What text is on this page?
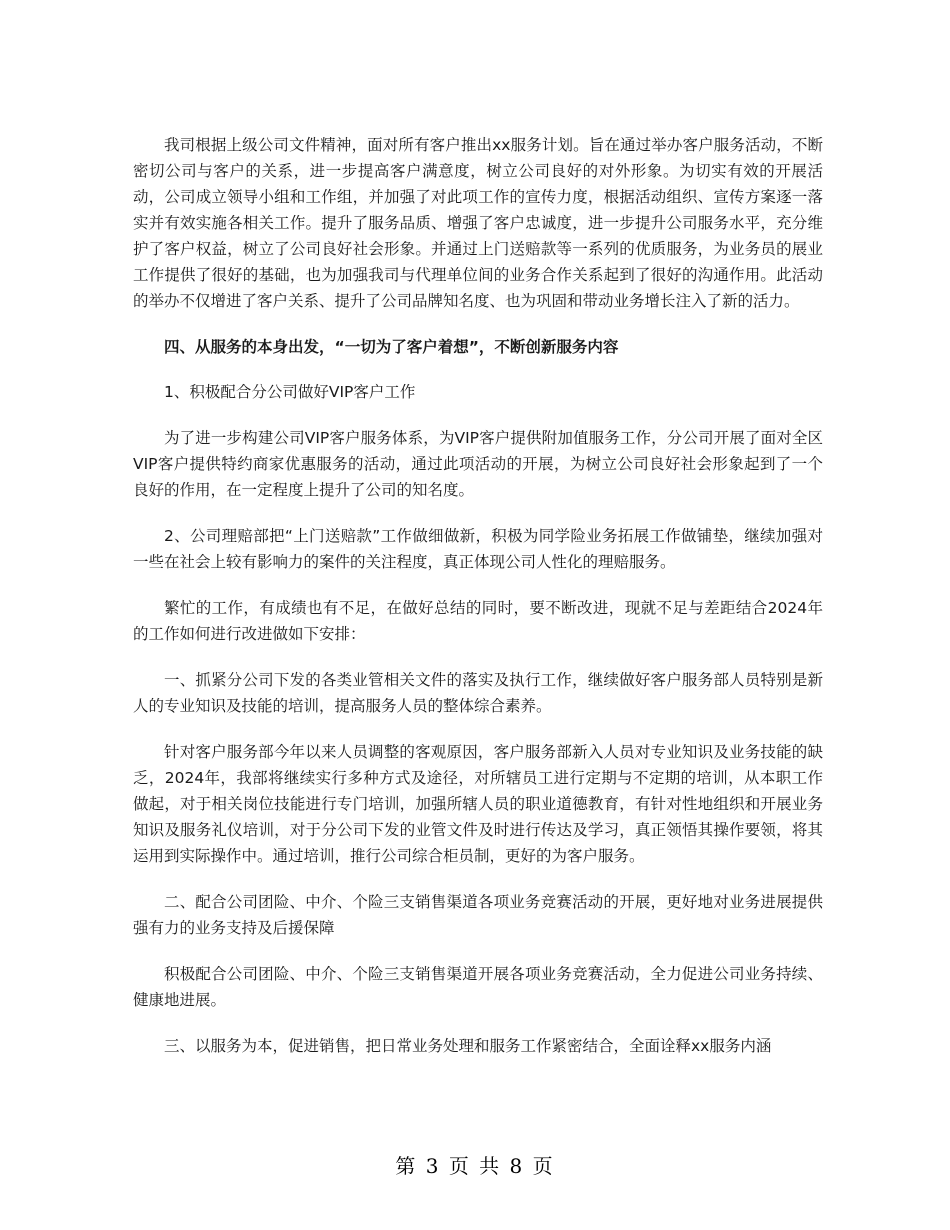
我司根据上级公司文件精神，面对所有客户推出xx服务计划。旨在通过举办客户服务活动，不断密切公司与客户的关系，进一步提高客户满意度，树立公司良好的对外形象。为切实有效的开展活动，公司成立领导小组和工作组，并加强了对此项工作的宣传力度，根据活动组织、宣传方案逐一落实并有效实施各相关工作。提升了服务品质、增强了客户忠诚度，进一步提升公司服务水平，充分维护了客户权益，树立了公司良好社会形象。并通过上门送赔款等一系列的优质服务，为业务员的展业工作提供了很好的基础，也为加强我司与代理单位间的业务合作关系起到了很好的沟通作用。此活动的举办不仅增进了客户关系、提升了公司品牌知名度、也为巩固和带动业务增长注入了新的活力。

四、从服务的本身出发，“一切为了客户着想”，不断创新服务内容

1、积极配合分公司做好VIP客户工作

为了进一步构建公司VIP客户服务体系，为VIP客户提供附加值服务工作，分公司开展了面对全区VIP客户提供特约商家优惠服务的活动，通过此项活动的开展，为树立公司良好社会形象起到了一个良好的作用，在一定程度上提升了公司的知名度。

2、公司理赔部把“上门送赔款”工作做细做新，积极为同学险业务拓展工作做铺垫，继续加强对一些在社会上较有影响力的案件的关注程度，真正体现公司人性化的理赔服务。

繁忙的工作，有成绩也有不足，在做好总结的同时，要不断改进，现就不足与差距结合2024年的工作如何进行改进做如下安排：

一、抓紧分公司下发的各类业管相关文件的落实及执行工作，继续做好客户服务部人员特别是新人的专业知识及技能的培训，提高服务人员的整体综合素养。

针对客户服务部今年以来人员调整的客观原因，客户服务部新入人员对专业知识及业务技能的缺乏，2024年，我部将继续实行多种方式及途径，对所辖员工进行定期与不定期的培训，从本职工作做起，对于相关岗位技能进行专门培训，加强所辖人员的职业道德教育，有针对性地组织和开展业务知识及服务礼仪培训，对于分公司下发的业管文件及时进行传达及学习，真正领悟其操作要领，将其运用到实际操作中。通过培训，推行公司综合柜员制，更好的为客户服务。

二、配合公司团险、中介、个险三支销售渠道各项业务竞赛活动的开展，更好地对业务进展提供强有力的业务支持及后援保障

积极配合公司团险、中介、个险三支销售渠道开展各项业务竞赛活动，全力促进公司业务持续、健康地进展。

三、以服务为本，促进销售，把日常业务处理和服务工作紧密结合，全面诠释xx服务内涵

第 3 页 共 8 页
